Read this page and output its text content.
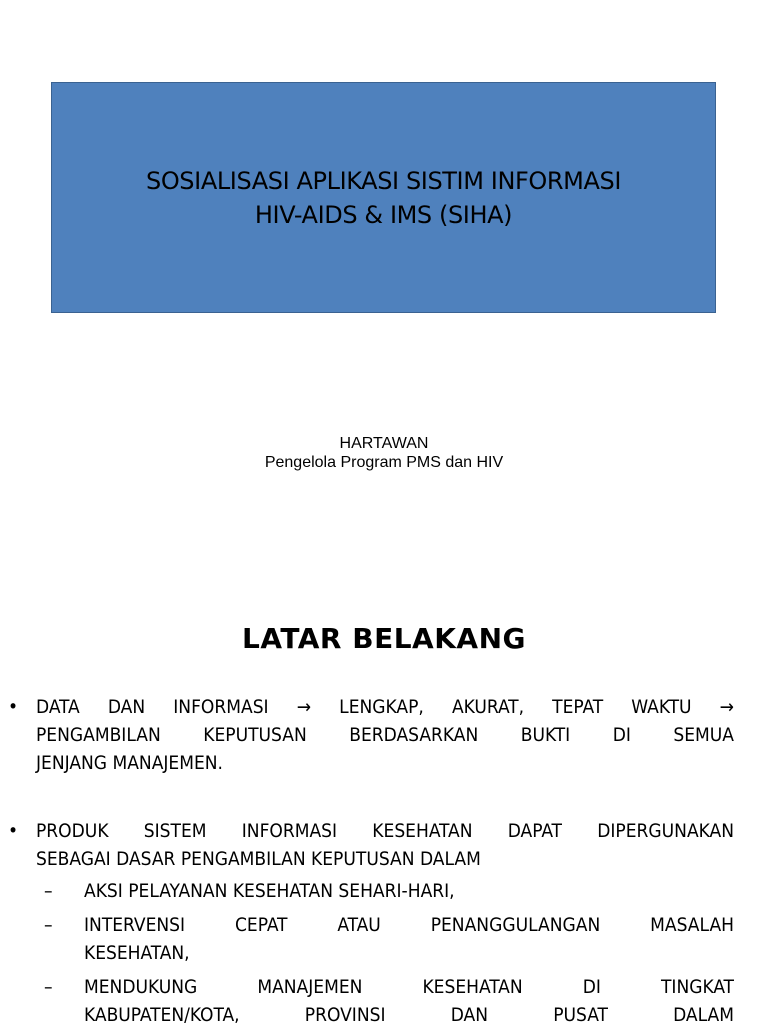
SOSIALISASI APLIKASI SISTIM INFORMASI
HIV-AIDS & IMS (SIHA)
HARTAWAN
Pengelola Program PMS dan HIV
LATAR BELAKANG
• DATA DAN INFORMASI → LENGKAP, AKURAT, TEPAT WAKTU →
PENGAMBILAN KEPUTUSAN BERDASARKAN BUKTI DI SEMUA
JENJANG MANAJEMEN.
• PRODUK SISTEM INFORMASI KESEHATAN DAPAT DIPERGUNAKAN
SEBAGAI DASAR PENGAMBILAN KEPUTUSAN DALAM
– AKSI PELAYANAN KESEHATAN SEHARI-HARI,
– INTERVENSI CEPAT ATAU PENANGGULANGAN MASALAH
KESEHATAN,
– MENDUKUNG MANAJEMEN KESEHATAN DI TINGKAT
KABUPATEN/KOTA, PROVINSI DAN PUSAT DALAM
